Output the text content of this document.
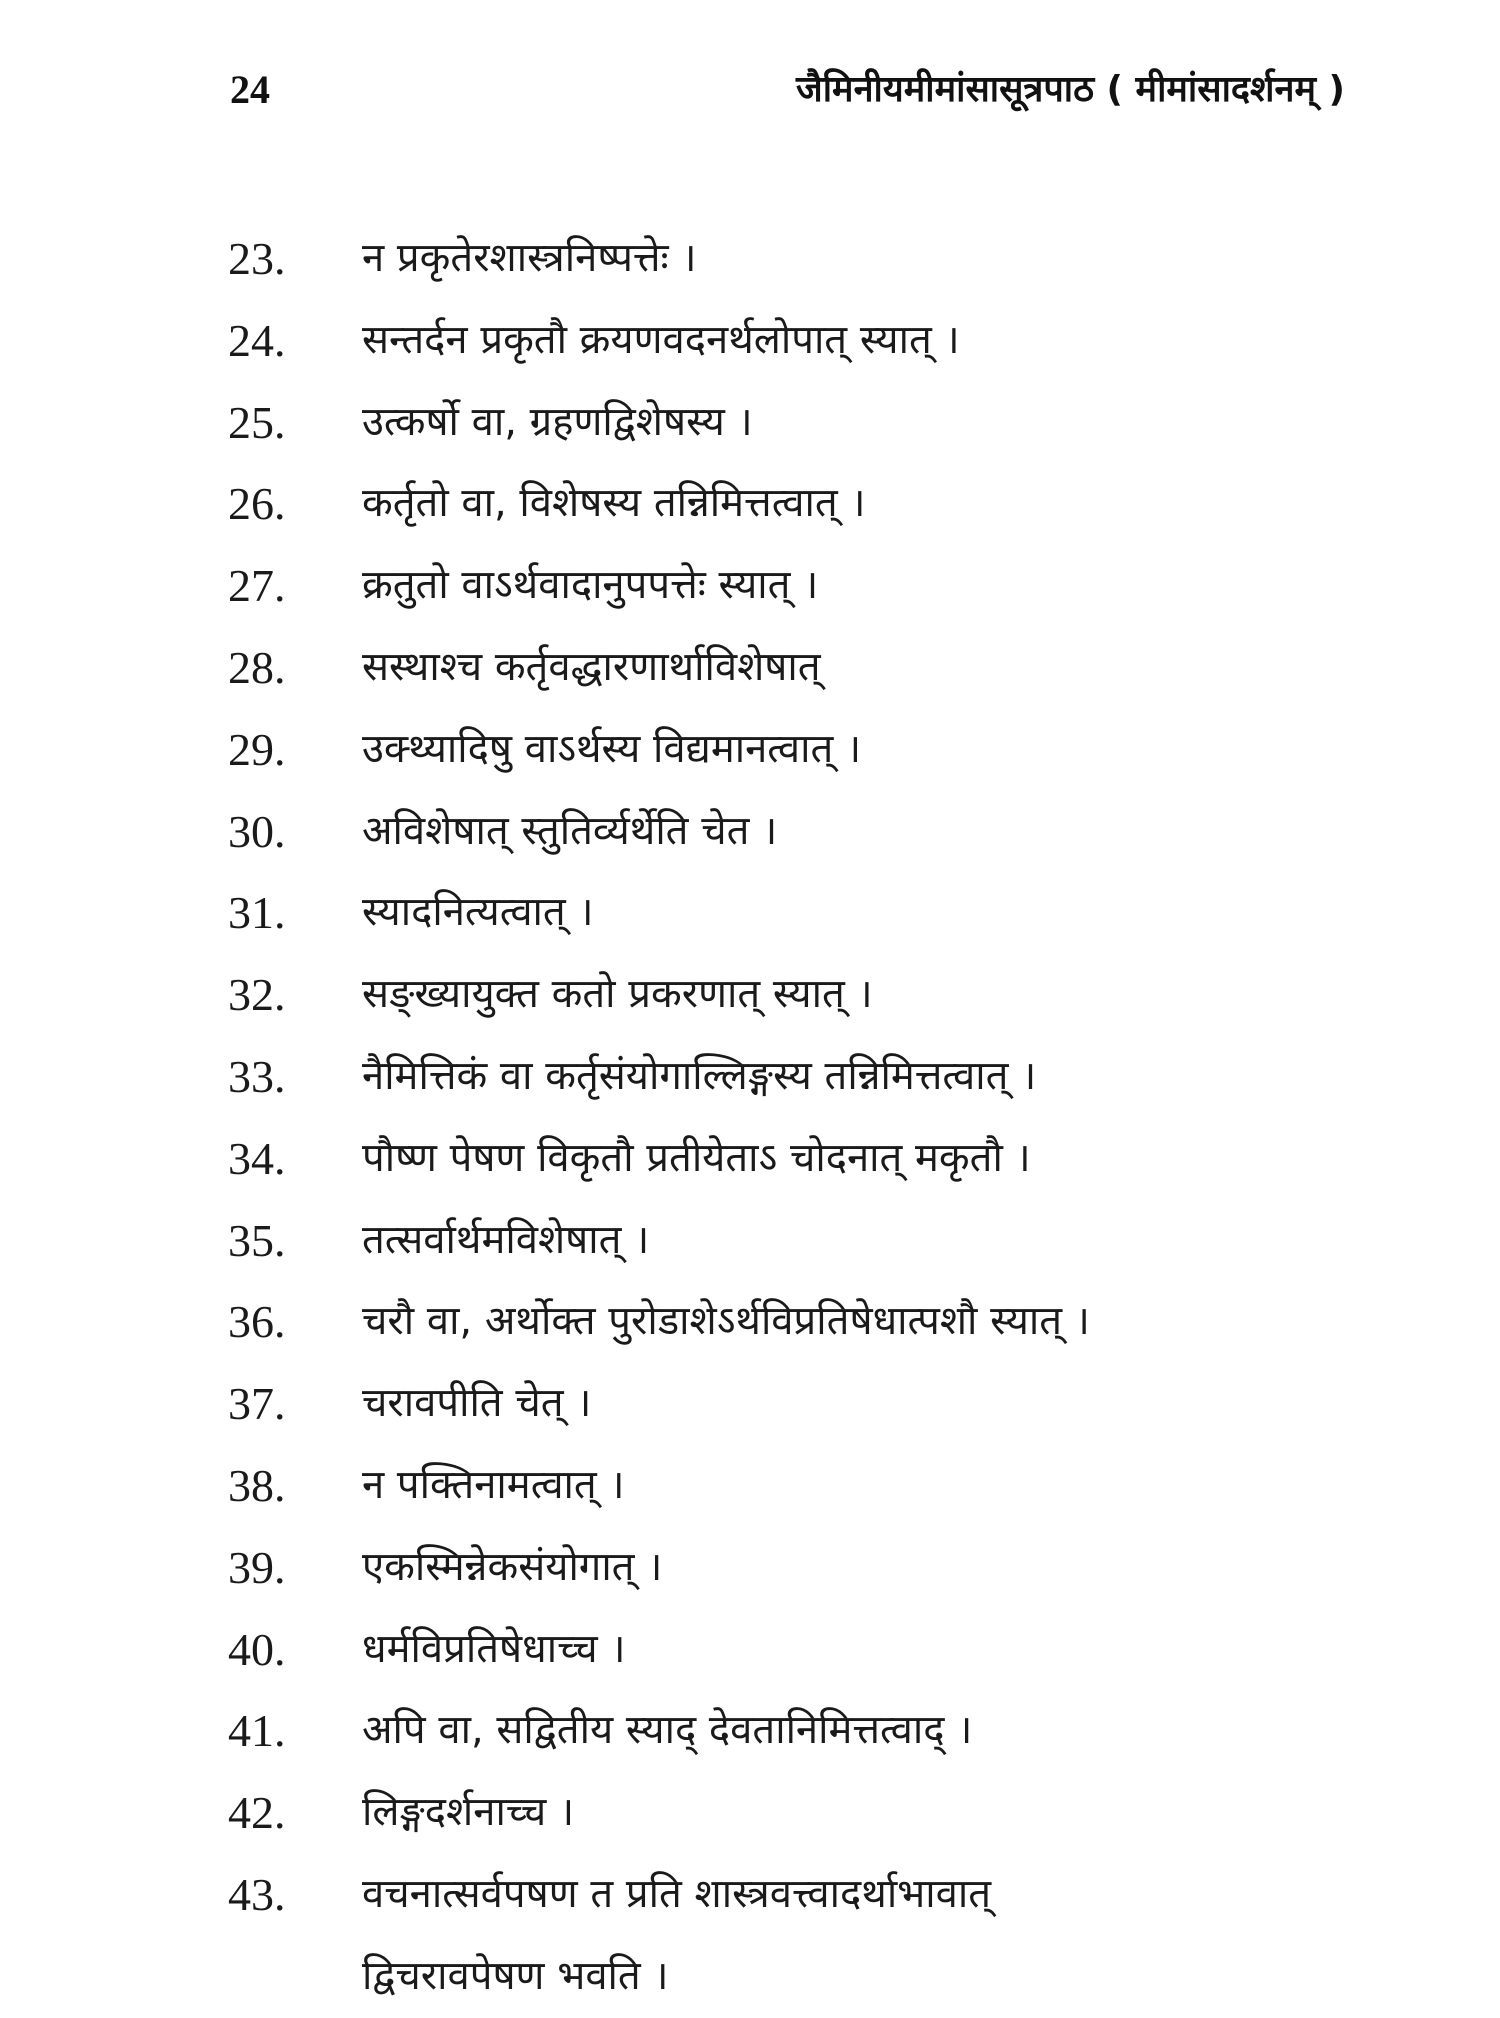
24	जैमिनीयमीमांसासूत्रपाठ ( मीमांसादर्शनम् )
23. न प्रकृतेरशास्त्रनिष्पत्तेः ।
24. सन्तर्दन प्रकृतौ क्रयणवदनर्थलोपात् स्यात् ।
25. उत्कर्षो वा, ग्रहणद्विशेषस्य ।
26. कर्तृतो वा, विशेषस्य तन्निमित्तत्वात् ।
27. क्रतुतो वाऽर्थवादानुपपत्तेः स्यात् ।
28. सस्थाश्च कर्तृवद्धारणार्थाविशेषात्
29. उक्थ्यादिषु वाऽर्थस्य विद्यमानत्वात् ।
30. अविशेषात् स्तुतिर्व्यर्थेति चेत ।
31. स्यादनित्यत्वात् ।
32. सङ्ख्यायुक्त कतो प्रकरणात् स्यात् ।
33. नैमित्तिकं वा कर्तृसंयोगाल्लिङ्गस्य तन्निमित्तत्वात् ।
34. पौष्ण पेषण विकृतौ प्रतीयेताऽ चोदनात् मकृतौ ।
35. तत्सर्वार्थमविशेषात् ।
36. चरौ वा, अर्थोक्त पुरोडाशेऽर्थविप्रतिषेधात्पशौ स्यात् ।
37. चरावपीति चेत् ।
38. न पक्तिनामत्वात् ।
39. एकस्मिन्नेकसंयोगात् ।
40. धर्मविप्रतिषेधाच्च ।
41. अपि वा, सद्वितीय स्याद् देवतानिमित्तत्वाद् ।
42. लिङ्गदर्शनाच्च ।
43. वचनात्सर्वपषण त प्रति शास्त्रवत्त्वादर्थाभावात्
द्विचरावपेषण भवति ।
